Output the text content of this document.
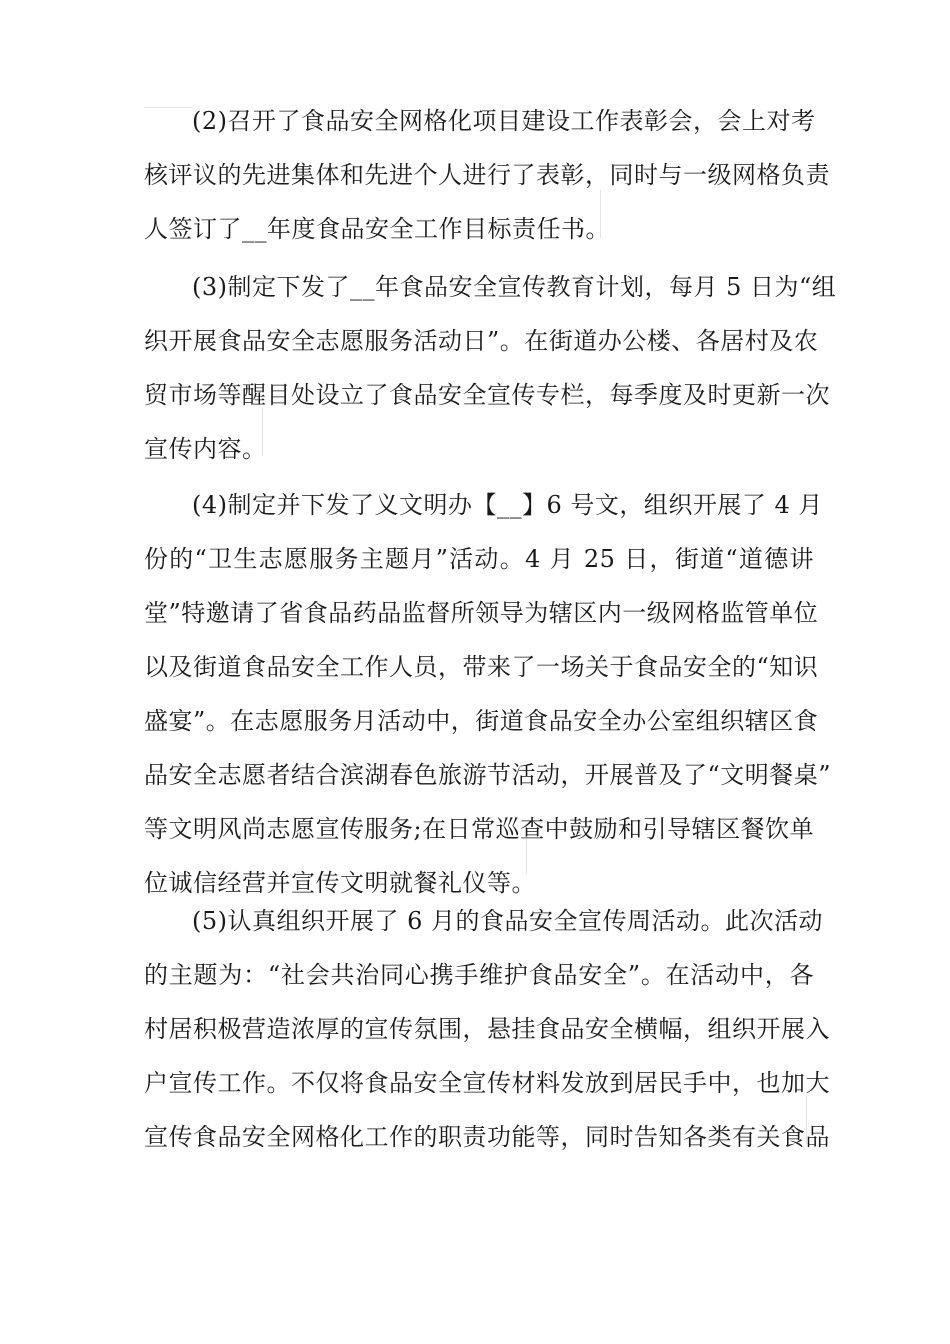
(2)召开了食品安全网格化项目建设工作表彰会，会上对考
核评议的先进集体和先进个人进行了表彰，同时与一级网格负责
人签订了__年度食品安全工作目标责任书。
(3)制定下发了__年食品安全宣传教育计划，每月 5 日为“组
织开展食品安全志愿服务活动日”。在街道办公楼、各居村及农
贸市场等醒目处设立了食品安全宣传专栏，每季度及时更新一次
宣传内容。
(4)制定并下发了义文明办【__】6 号文，组织开展了 4 月
份的“卫生志愿服务主题月”活动。4 月 25 日，街道“道德讲
堂”特邀请了省食品药品监督所领导为辖区内一级网格监管单位
以及街道食品安全工作人员，带来了一场关于食品安全的“知识
盛宴”。在志愿服务月活动中，街道食品安全办公室组织辖区食
品安全志愿者结合滨湖春色旅游节活动，开展普及了“文明餐桌”
等文明风尚志愿宣传服务;在日常巡查中鼓励和引导辖区餐饮单
位诚信经营并宣传文明就餐礼仪等。
(5)认真组织开展了 6 月的食品安全宣传周活动。此次活动
的主题为：“社会共治同心携手维护食品安全”。在活动中，各
村居积极营造浓厚的宣传氛围，悬挂食品安全横幅，组织开展入
户宣传工作。不仅将食品安全宣传材料发放到居民手中，也加大
宣传食品安全网格化工作的职责功能等，同时告知各类有关食品
